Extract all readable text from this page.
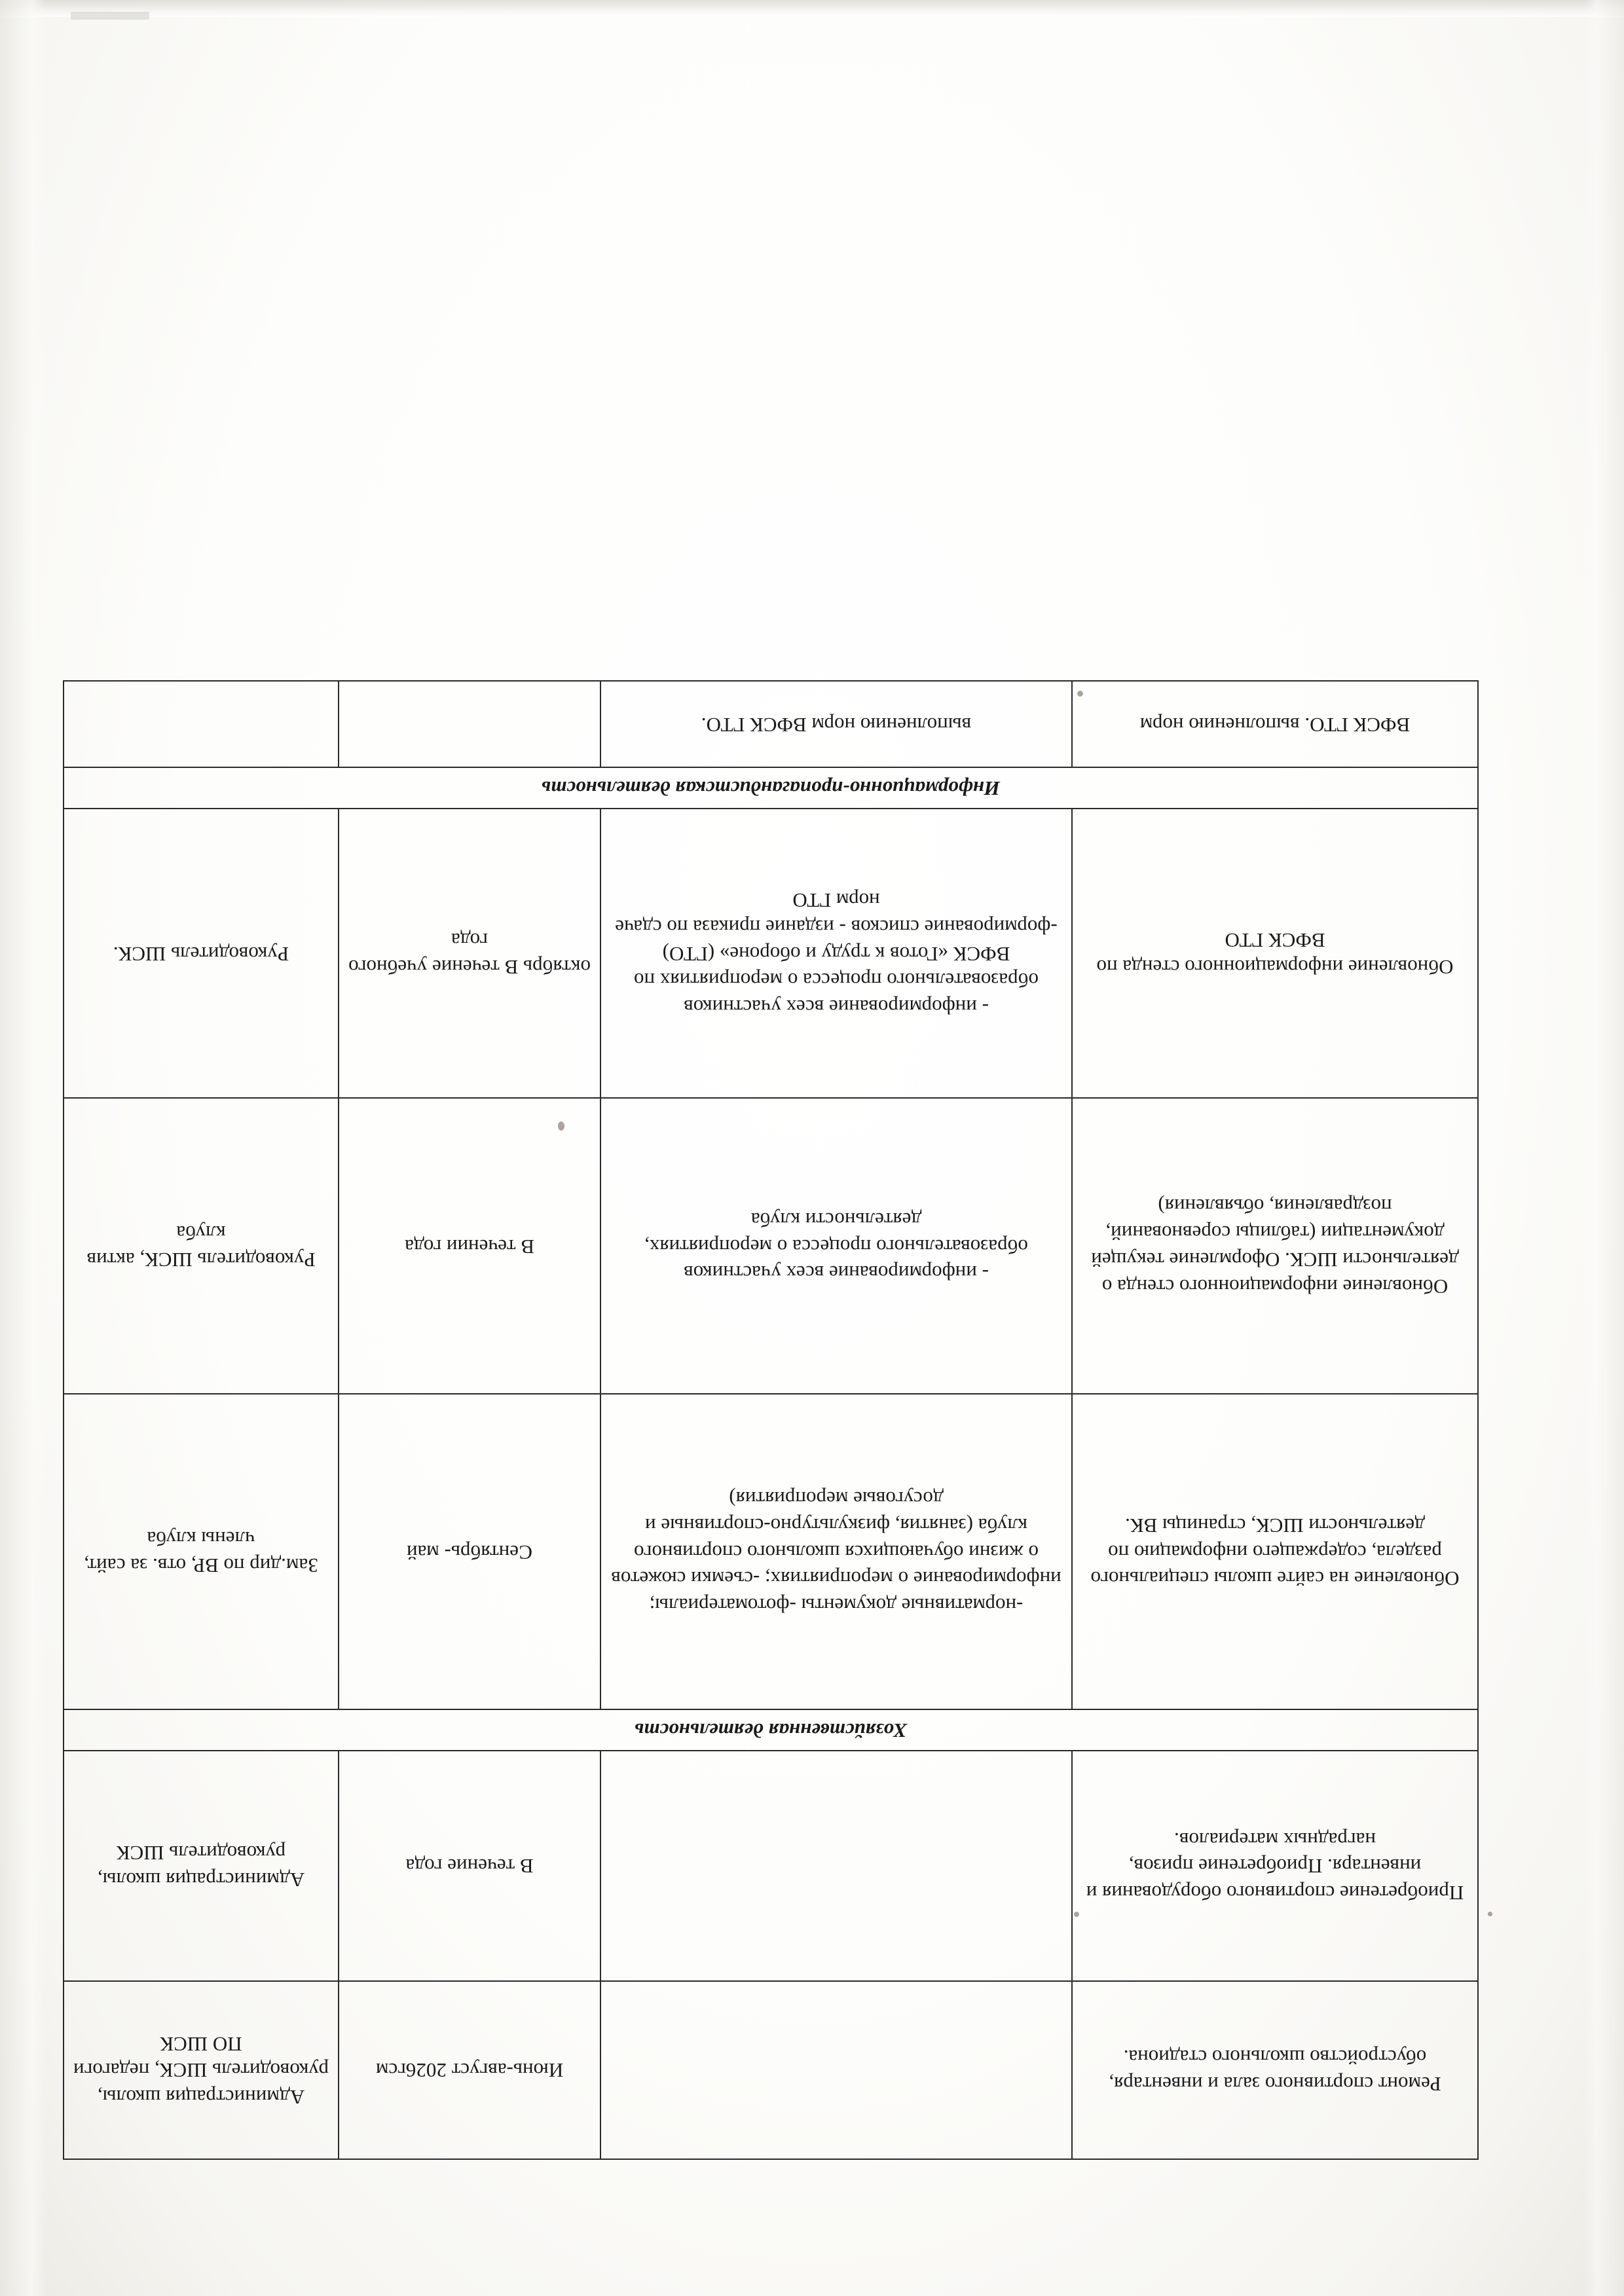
Ремонт спортивного зала и инвентаря, обустройство школьного стадиона.		Июнь-август 2026гсм	Администрация школы, руководитель ШСК, педагоги ПО ШСК
Приобретение спортивного оборудования и инвентаря. Приобретение призов, наградных материалов.		В течение года	Администрация школы, руководитель ШСК
Хозяйственная деятельность			
Обновление на сайте школы специального раздела, содержащего информацию по деятельности ШСК, страницы ВК.	-нормативные документы -фотоматериалы; информирование о мероприятиях; -съемки сюжетов о жизни обучающихся школьного спортивного клуба (занятия, физкультурно-спортивные и досуговые мероприятия)	Сентябрь- май	Зам.дир по ВР, отв. за сайт, члены клуба
Обновление информационного стенда о деятельности ШСК. Оформление текущей документации (таблицы соревнований, поздравления, объявления)	- информирование всех участников образовательного процесса о мероприятиях, деятельности клуба	В течении года	Руководитель ШСК, актив клуба
Обновление информационного стенда по ВФСК ГТО	- информирование всех участников образовательного процесса о мероприятиях по ВФСК «Готов к труду и обороне» (ГТО) -формирование списков - издание приказа по сдаче норм ГТО	октябрь В течение учебного года	Руководитель ШСК.
Информационно-пропагандистская деятельность			
ВФСК ГТО. выполнению норм	выполнению норм ВФСК ГТО.		
